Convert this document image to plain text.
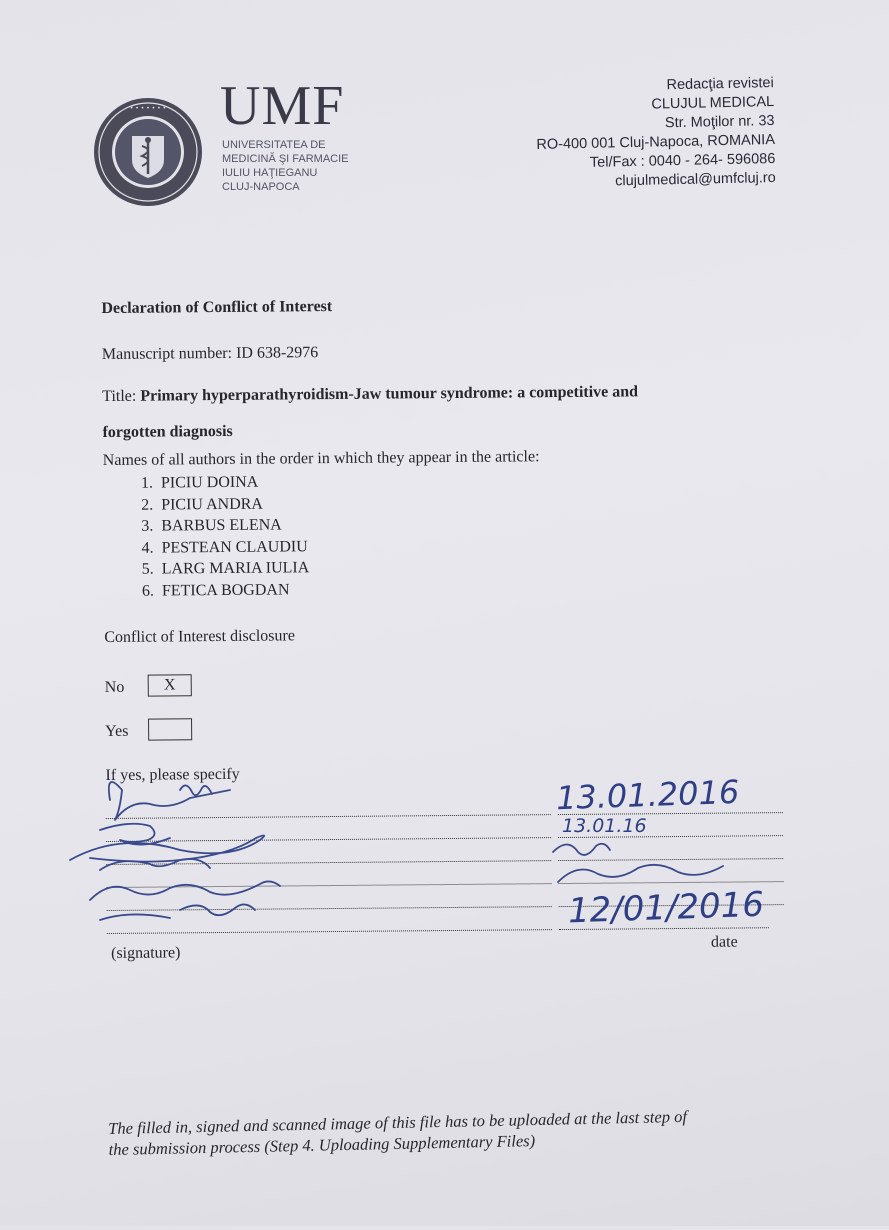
• • • • • • • UMF
UNIVERSITATEA DE
MEDICINĂ ŞI FARMACIE
IULIU HAŢIEGANU
CLUJ-NAPOCA
Redacţia revistei
CLUJUL MEDICAL
Str. Moţilor nr. 33
RO-400 001 Cluj-Napoca, ROMANIA
Tel/Fax : 0040 - 264- 596086
clujulmedical@umfcluj.ro
Declaration of Conflict of Interest
Manuscript number: ID 638-2976
Title: Primary hyperparathyroidism-Jaw tumour syndrome: a competitive and
forgotten diagnosis
Names of all authors in the order in which they appear in the article:
1. PICIU DOINA
2. PICIU ANDRA
3. BARBUS ELENA
4. PESTEAN CLAUDIU
5. LARG MARIA IULIA
6. FETICA BOGDAN
Conflict of Interest disclosure
No	X
Yes
If yes, please specify
(signature)
date
13.01.2016
13.01.16
12/01/2016
The filled in, signed and scanned image of this file has to be uploaded at the last step of
the submission process (Step 4. Uploading Supplementary Files)
